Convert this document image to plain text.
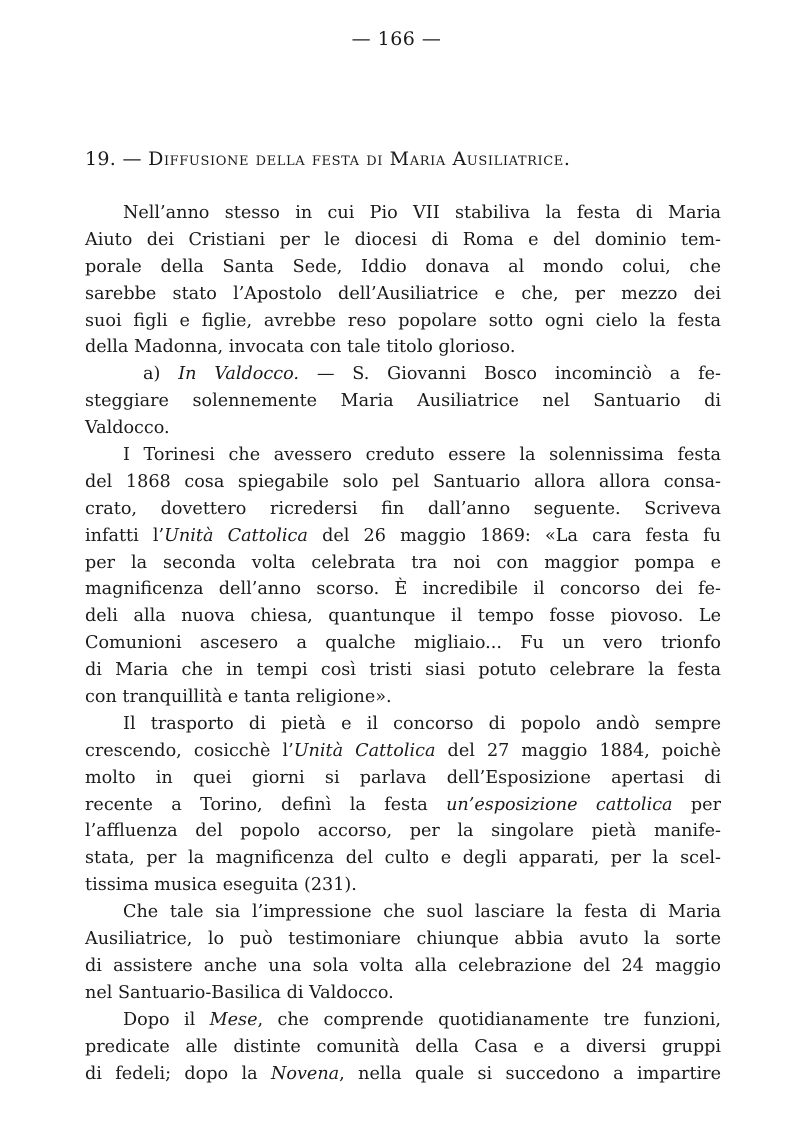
— 166 —
19. — Diffusione della festa di Maria Ausiliatrice.
Nell’anno stesso in cui Pio VII stabiliva la festa di Maria
Aiuto dei Cristiani per le diocesi di Roma e del dominio tem-
porale della Santa Sede, Iddio donava al mondo colui, che
sarebbe stato l’Apostolo dell’Ausiliatrice e che, per mezzo dei
suoi figli e figlie, avrebbe reso popolare sotto ogni cielo la festa
della Madonna, invocata con tale titolo glorioso.
a) In Valdocco. — S. Giovanni Bosco incominciò a fe-
steggiare solennemente Maria Ausiliatrice nel Santuario di
Valdocco.
I Torinesi che avessero creduto essere la solennissima festa
del 1868 cosa spiegabile solo pel Santuario allora allora consa-
crato, dovettero ricredersi fin dall’anno seguente. Scriveva
infatti l’Unità Cattolica del 26 maggio 1869: «La cara festa fu
per la seconda volta celebrata tra noi con maggior pompa e
magnificenza dell’anno scorso. È incredibile il concorso dei fe-
deli alla nuova chiesa, quantunque il tempo fosse piovoso. Le
Comunioni ascesero a qualche migliaio... Fu un vero trionfo
di Maria che in tempi così tristi siasi potuto celebrare la festa
con tranquillità e tanta religione».
Il trasporto di pietà e il concorso di popolo andò sempre
crescendo, cosicchè l’Unità Cattolica del 27 maggio 1884, poichè
molto in quei giorni si parlava dell’Esposizione apertasi di
recente a Torino, definì la festa un’esposizione cattolica per
l’affluenza del popolo accorso, per la singolare pietà manife-
stata, per la magnificenza del culto e degli apparati, per la scel-
tissima musica eseguita (231).
Che tale sia l’impressione che suol lasciare la festa di Maria
Ausiliatrice, lo può testimoniare chiunque abbia avuto la sorte
di assistere anche una sola volta alla celebrazione del 24 maggio
nel Santuario-Basilica di Valdocco.
Dopo il Mese, che comprende quotidianamente tre funzioni,
predicate alle distinte comunità della Casa e a diversi gruppi
di fedeli; dopo la Novena, nella quale si succedono a impartire
